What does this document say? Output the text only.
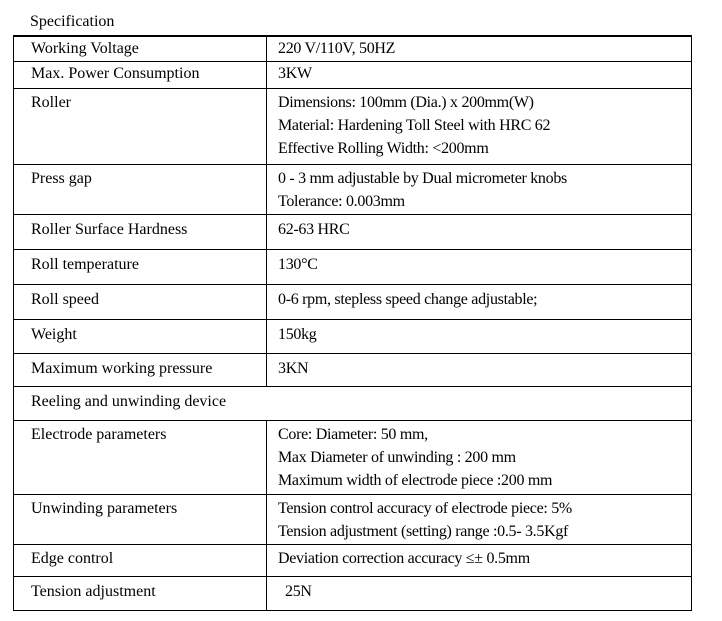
Specification

Working Voltage	220 V/110V, 50HZ

Max. Power Consumption	3KW

Roller	Dimensions: 100mm (Dia.) x 200mm(W)
Material: Hardening Toll Steel with HRC 62
Effective Rolling Width: <200mm

Press gap	0 - 3 mm adjustable by Dual micrometer knobs
Tolerance: 0.003mm

Roller Surface Hardness	62-63 HRC

Roll temperature	130°C

Roll speed	0-6 rpm, stepless speed change adjustable;

Weight	150kg

Maximum working pressure	3KN

Reeling and unwinding device	
Electrode parameters	Core: Diameter: 50 mm,
Max Diameter of unwinding : 200 mm
Maximum width of electrode piece :200 mm

Unwinding parameters	Tension control accuracy of electrode piece: 5%
Tension adjustment (setting) range :0.5- 3.5Kgf

Edge control	Deviation correction accuracy ≤± 0.5mm

Tension adjustment	25N
